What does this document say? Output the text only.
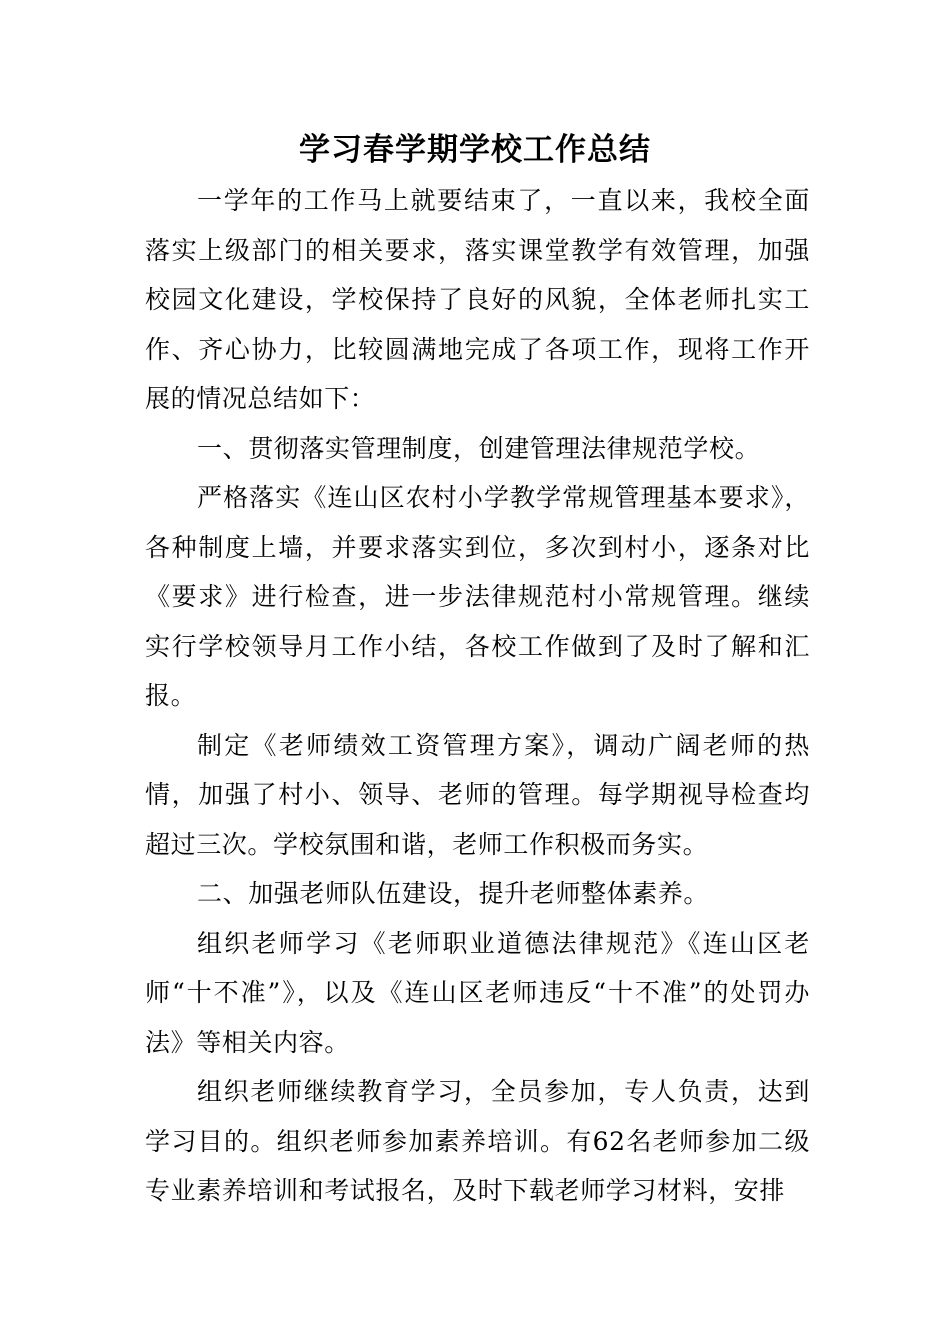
学习春学期学校工作总结

一学年的工作马上就要结束了，一直以来，我校全面落实上级部门的相关要求，落实课堂教学有效管理，加强校园文化建设，学校保持了良好的风貌，全体老师扎实工作、齐心协力，比较圆满地完成了各项工作，现将工作开展的情况总结如下：

一、贯彻落实管理制度，创建管理法律规范学校。

严格落实《连山区农村小学教学常规管理基本要求》，各种制度上墙，并要求落实到位，多次到村小，逐条对比《要求》进行检查，进一步法律规范村小常规管理。继续实行学校领导月工作小结，各校工作做到了及时了解和汇报。

制定《老师绩效工资管理方案》，调动广阔老师的热情，加强了村小、领导、老师的管理。每学期视导检查均超过三次。学校氛围和谐，老师工作积极而务实。

二、加强老师队伍建设，提升老师整体素养。

组织老师学习《老师职业道德法律规范》《连山区老师“十不准”》，以及《连山区老师违反“十不准”的处罚办法》等相关内容。

组织老师继续教育学习，全员参加，专人负责，达到学习目的。组织老师参加素养培训。有62名老师参加二级专业素养培训和考试报名，及时下载老师学习材料，安排
